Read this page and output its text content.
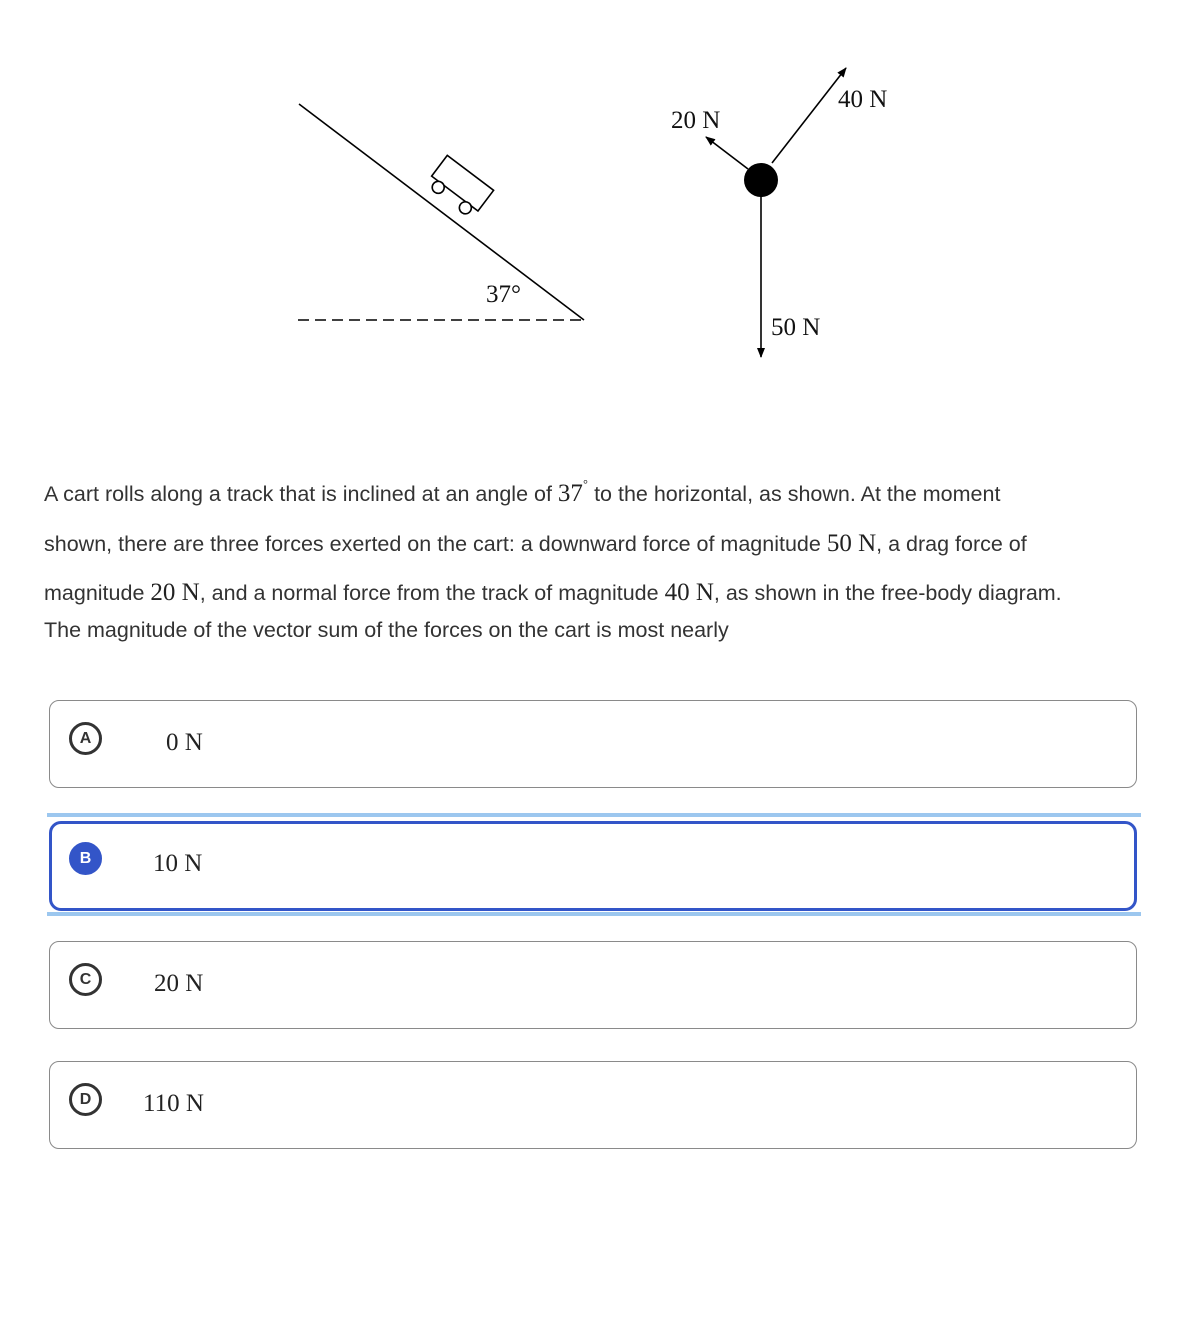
37°
40 N
20 N
50 N
A cart rolls along a track that is inclined at an angle of 37° to the horizontal, as shown. At the moment
shown, there are three forces exerted on the cart: a downward force of magnitude 50 N, a drag force of
magnitude 20 N, and a normal force from the track of magnitude 40 N, as shown in the free-body diagram.
The magnitude of the vector sum of the forces on the cart is most nearly
A	0 N
B	10 N
C	20 N
D	110 N
